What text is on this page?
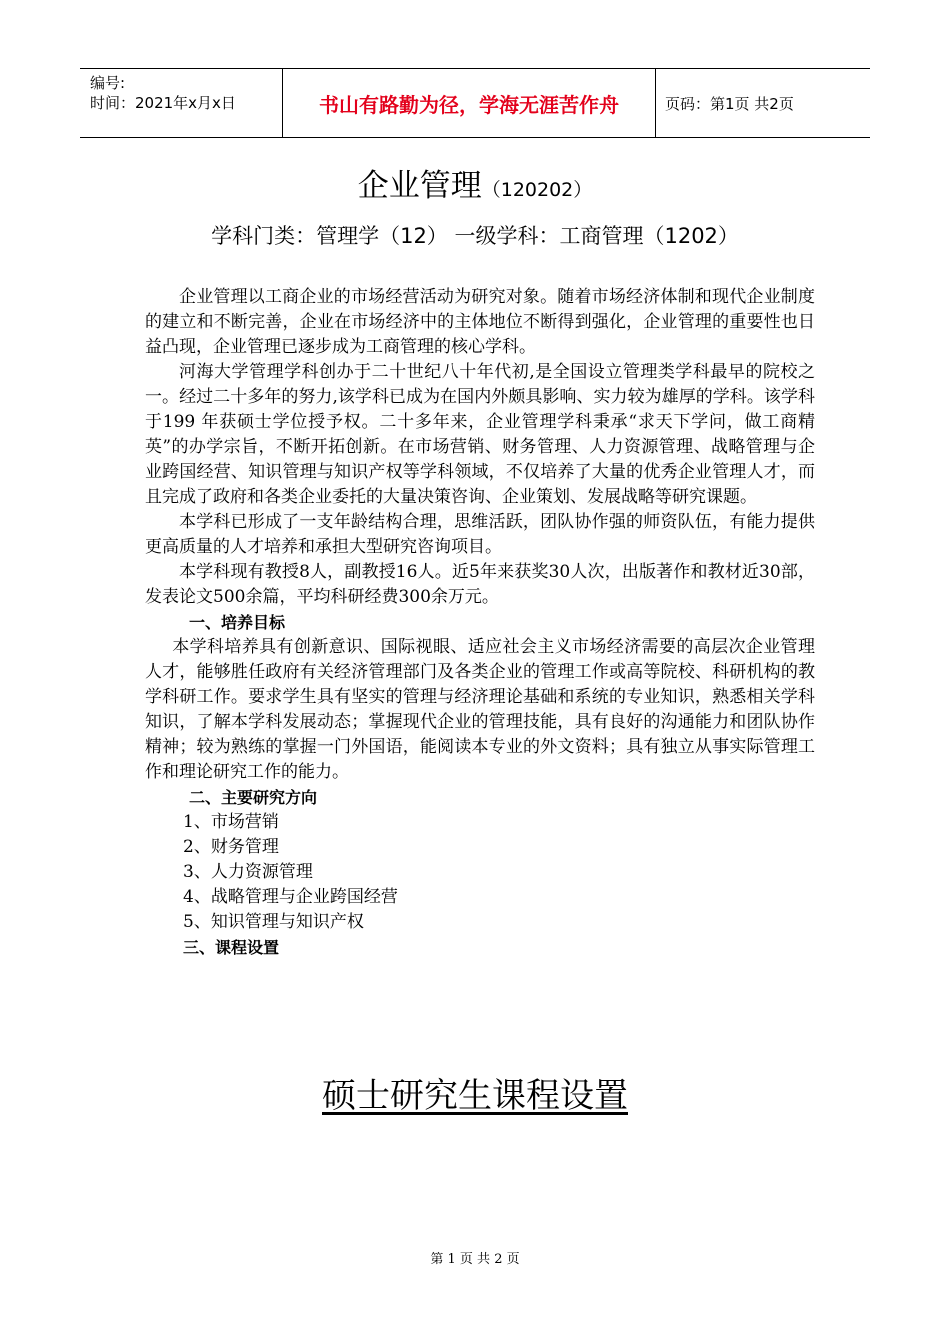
编号:
时间：2021年x月x日	书山有路勤为径，学海无涯苦作舟	页码：第1页 共2页
企业管理（120202）
学科门类：管理学（12） 一级学科：工商管理（1202）

企业管理以工商企业的市场经营活动为研究对象。随着市场经济体制和现代企业制度的建立和不断完善，企业在市场经济中的主体地位不断得到强化，企业管理的重要性也日益凸现，企业管理已逐步成为工商管理的核心学科。

河海大学管理学科创办于二十世纪八十年代初,是全国设立管理类学科最早的院校之一。经过二十多年的努力,该学科已成为在国内外颇具影响、实力较为雄厚的学科。该学科于199 年获硕士学位授予权。二十多年来，企业管理学科秉承“求天下学问，做工商精英”的办学宗旨，不断开拓创新。在市场营销、财务管理、人力资源管理、战略管理与企业跨国经营、知识管理与知识产权等学科领域，不仅培养了大量的优秀企业管理人才，而且完成了政府和各类企业委托的大量决策咨询、企业策划、发展战略等研究课题。

本学科已形成了一支年龄结构合理，思维活跃，团队协作强的师资队伍，有能力提供更高质量的人才培养和承担大型研究咨询项目。

本学科现有教授8人，副教授16人。近5年来获奖30人次，出版著作和教材近30部，发表论文500余篇，平均科研经费300余万元。

一、培养目标

本学科培养具有创新意识、国际视眼、适应社会主义市场经济需要的高层次企业管理人才，能够胜任政府有关经济管理部门及各类企业的管理工作或高等院校、科研机构的教学科研工作。要求学生具有坚实的管理与经济理论基础和系统的专业知识，熟悉相关学科知识，了解本学科发展动态；掌握现代企业的管理技能，具有良好的沟通能力和团队协作精神；较为熟练的掌握一门外国语，能阅读本专业的外文资料；具有独立从事实际管理工作和理论研究工作的能力。

二、主要研究方向

1、市场营销

2、财务管理

3、人力资源管理

4、战略管理与企业跨国经营

5、知识管理与知识产权

三、课程设置

硕士研究生课程设置
第 1 页 共 2 页
